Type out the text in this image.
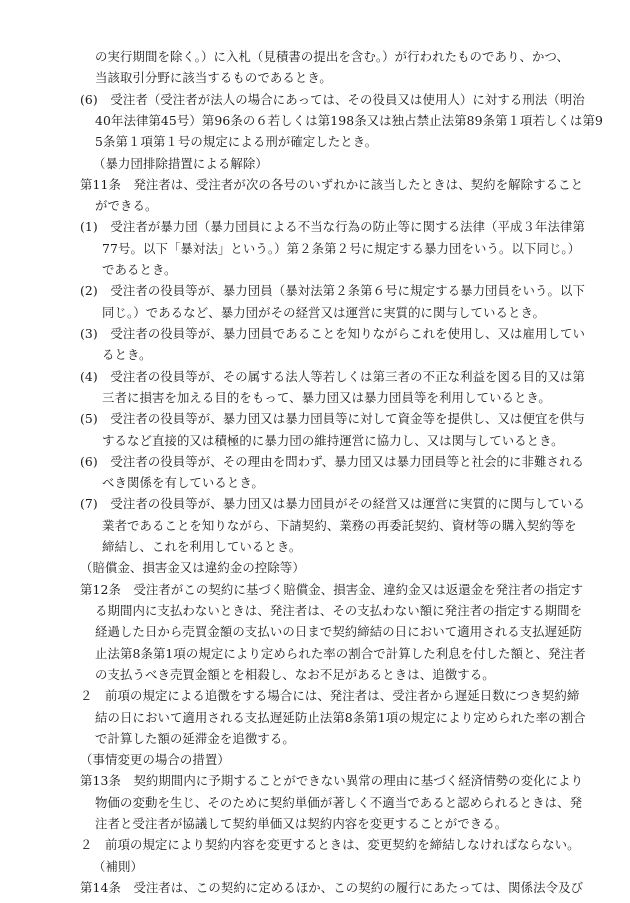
の実行期間を除く。）に入札（見積書の提出を含む。）が行われたものであり、かつ、
当該取引分野に該当するものであるとき。
(6)　受注者（受注者が法人の場合にあっては、その役員又は使用人）に対する刑法（明治
40年法律第45号）第96条の６若しくは第198条又は独占禁止法第89条第１項若しくは第9
5条第１項第１号の規定による刑が確定したとき。
（暴力団排除措置による解除）
第11条　発注者は、受注者が次の各号のいずれかに該当したときは、契約を解除すること
ができる。
(1)　受注者が暴力団（暴力団員による不当な行為の防止等に関する法律（平成３年法律第
77号。以下「暴対法」という。）第２条第２号に規定する暴力団をいう。以下同じ。）
であるとき。
(2)　受注者の役員等が、暴力団員（暴対法第２条第６号に規定する暴力団員をいう。以下
同じ。）であるなど、暴力団がその経営又は運営に実質的に関与しているとき。
(3)　受注者の役員等が、暴力団員であることを知りながらこれを使用し、又は雇用してい
るとき。
(4)　受注者の役員等が、その属する法人等若しくは第三者の不正な利益を図る目的又は第
三者に損害を加える目的をもって、暴力団又は暴力団員等を利用しているとき。
(5)　受注者の役員等が、暴力団又は暴力団員等に対して資金等を提供し、又は便宜を供与
するなど直接的又は積極的に暴力団の維持運営に協力し、又は関与しているとき。
(6)　受注者の役員等が、その理由を問わず、暴力団又は暴力団員等と社会的に非難される
べき関係を有しているとき。
(7)　受注者の役員等が、暴力団又は暴力団員がその経営又は運営に実質的に関与している
業者であることを知りながら、下請契約、業務の再委託契約、資材等の購入契約等を
締結し、これを利用しているとき。
（賠償金、損害金又は違約金の控除等）
第12条　受注者がこの契約に基づく賠償金、損害金、違約金又は返還金を発注者の指定す
る期間内に支払わないときは、発注者は、その支払わない額に発注者の指定する期間を
経過した日から売買金額の支払いの日まで契約締結の日において適用される支払遅延防
止法第8条第1項の規定により定められた率の割合で計算した利息を付した額と、発注者
の支払うべき売買金額とを相殺し、なお不足があるときは、追徴する。
２　前項の規定による追徴をする場合には、発注者は、受注者から遅延日数につき契約締
結の日において適用される支払遅延防止法第8条第1項の規定により定められた率の割合
で計算した額の延滞金を追徴する。
（事情変更の場合の措置）
第13条　契約期間内に予期することができない異常の理由に基づく経済情勢の変化により
物価の変動を生じ、そのために契約単価が著しく不適当であると認められるときは、発
注者と受注者が協議して契約単価又は契約内容を変更することができる。
２　前項の規定により契約内容を変更するときは、変更契約を締結しなければならない。
（補則）
第14条　受注者は、この契約に定めるほか、この契約の履行にあたっては、関係法令及び
